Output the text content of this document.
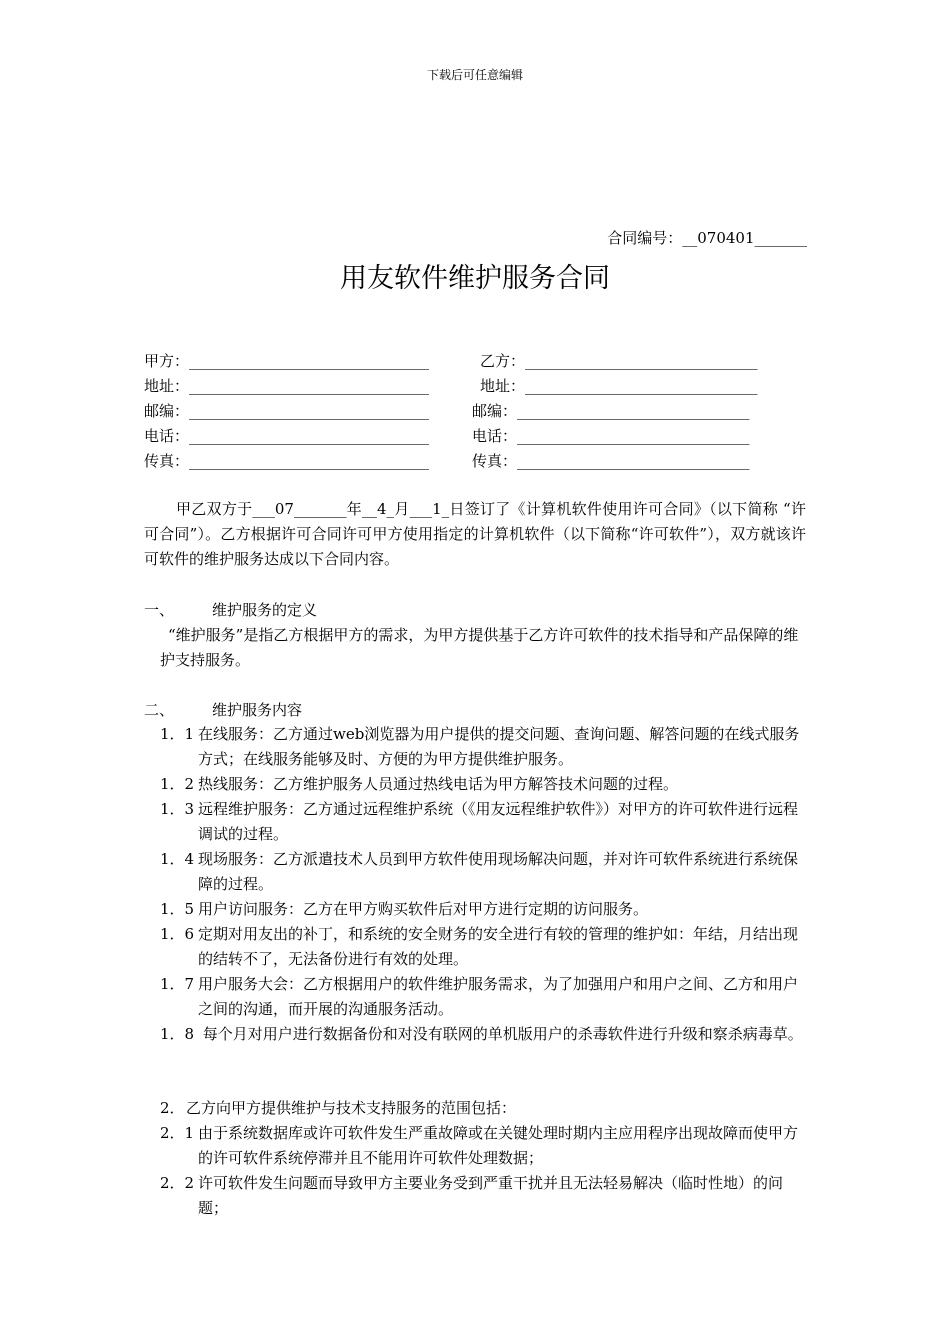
下载后可任意编辑
合同编号：__070401_______
用友软件维护服务合同
甲方：________________________________
地址：________________________________
邮编：________________________________
电话：________________________________
传真：________________________________
乙方：_______________________________
地址：_______________________________
邮编：_______________________________
电话：_______________________________
传真：_______________________________
甲乙双方于___07_______年__4_月___1_日签订了《计算机软件使用许可合同》（以下简称 “许可合同”）。乙方根据许可合同许可甲方使用指定的计算机软件（以下简称“许可软件”），双方就该许可软件的维护服务达成以下合同内容。
一、	维护服务的定义
“维护服务”是指乙方根据甲方的需求，为甲方提供基于乙方许可软件的技术指导和产品保障的维护支持服务。
二、	维护服务内容
1．1 在线服务：乙方通过web浏览器为用户提供的提交问题、查询问题、解答问题的在线式服务方式；在线服务能够及时、方便的为甲方提供维护服务。
1．2 热线服务：乙方维护服务人员通过热线电话为甲方解答技术问题的过程。
1．3 远程维护服务：乙方通过远程维护系统（《用友远程维护软件》）对甲方的许可软件进行远程调试的过程。
1．4 现场服务：乙方派遣技术人员到甲方软件使用现场解决问题，并对许可软件系统进行系统保障的过程。
1．5 用户访问服务：乙方在甲方购买软件后对甲方进行定期的访问服务。
1．6 定期对用友出的补丁，和系统的安全财务的安全进行有较的管理的维护如：年结，月结出现的结转不了，无法备份进行有效的处理。
1．7 用户服务大会：乙方根据用户的软件维护服务需求，为了加强用户和用户之间、乙方和用户之间的沟通，而开展的沟通服务活动。
1．8 每个月对用户进行数据备份和对没有联网的单机版用户的杀毒软件进行升级和察杀病毒草。
2．乙方向甲方提供维护与技术支持服务的范围包括：
2．1 由于系统数据库或许可软件发生严重故障或在关键处理时期内主应用程序出现故障而使甲方的许可软件系统停滞并且不能用许可软件处理数据；
2．2 许可软件发生问题而导致甲方主要业务受到严重干扰并且无法轻易解决（临时性地）的问题；
